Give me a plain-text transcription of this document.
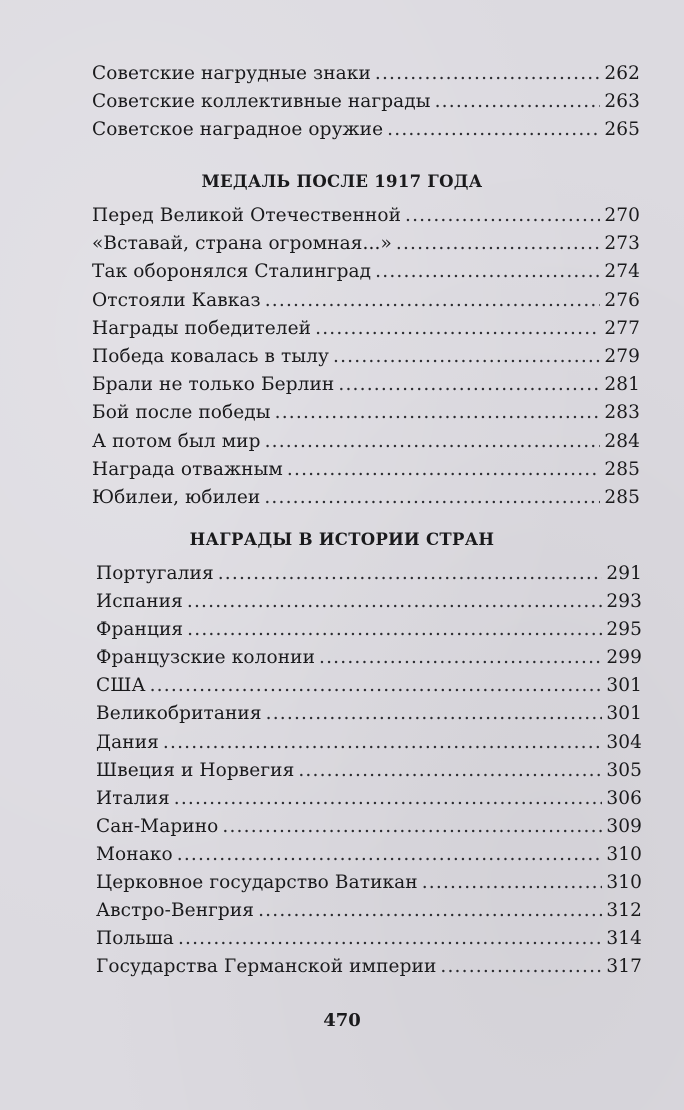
Советские нагрудные знаки .....	262
Советские коллективные награды .....	263
Советское наградное оружие .....	265
МЕДАЛЬ ПОСЛЕ 1917 ГОДА
Перед Великой Отечественной .....	270
«Вставай, страна огромная...» .....	273
Так оборонялся Сталинград .....	274
Отстояли Кавказ .....	276
Награды победителей .....	277
Победа ковалась в тылу .....	279
Брали не только Берлин .....	281
Бой после победы .....	283
А потом был мир .....	284
Награда отважным .....	285
Юбилеи, юбилеи .....	285
НАГРАДЫ В ИСТОРИИ СТРАН
Португалия .....	291
Испания .....	293
Франция .....	295
Французские колонии .....	299
США .....	301
Великобритания .....	301
Дания .....	304
Швеция и Норвегия .....	305
Италия .....	306
Сан-Марино .....	309
Монако .....	310
Церковное государство Ватикан .....	310
Австро-Венгрия .....	312
Польша .....	314
Государства Германской империи .....	317
470
